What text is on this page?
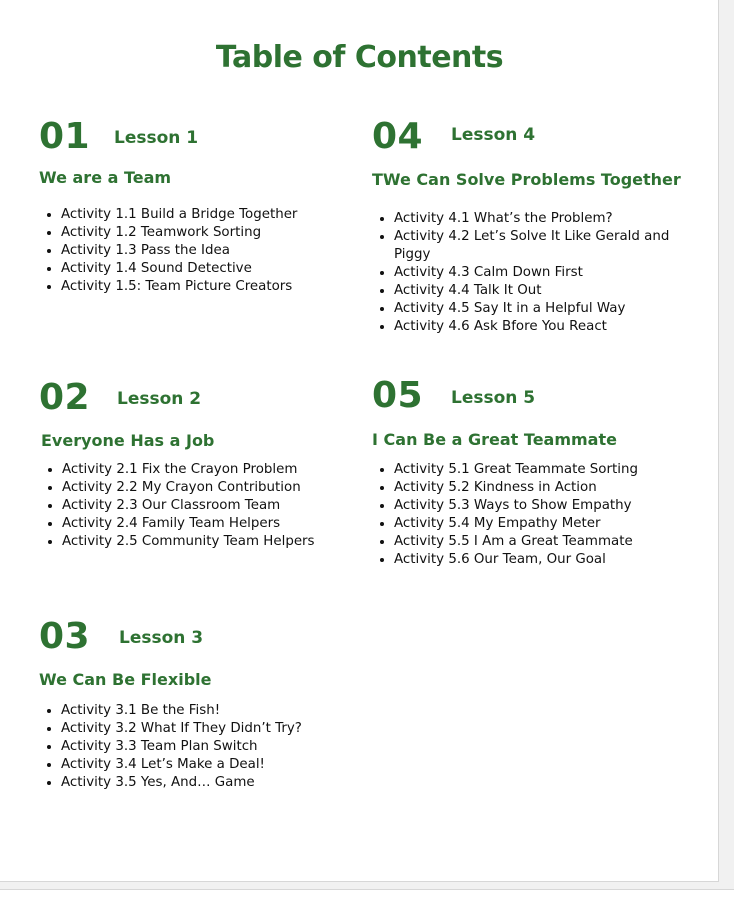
Table of Contents
01 Lesson 1
We are a Team
• Activity 1.1 Build a Bridge Together
• Activity 1.2 Teamwork Sorting
• Activity 1.3 Pass the Idea
• Activity 1.4 Sound Detective
• Activity 1.5: Team Picture Creators
02 Lesson 2
Everyone Has a Job
• Activity 2.1 Fix the Crayon Problem
• Activity 2.2 My Crayon Contribution
• Activity 2.3 Our Classroom Team
• Activity 2.4 Family Team Helpers
• Activity 2.5 Community Team Helpers
03 Lesson 3
We Can Be Flexible
• Activity 3.1 Be the Fish!
• Activity 3.2 What If They Didn’t Try?
• Activity 3.3 Team Plan Switch
• Activity 3.4 Let’s Make a Deal!
• Activity 3.5 Yes, And… Game
04 Lesson 4
TWe Can Solve Problems Together
• Activity 4.1 What’s the Problem?
• Activity 4.2 Let’s Solve It Like Gerald and Piggy
• Activity 4.3 Calm Down First
• Activity 4.4 Talk It Out
• Activity 4.5 Say It in a Helpful Way
• Activity 4.6 Ask Bfore You React
05 Lesson 5
I Can Be a Great Teammate
• Activity 5.1 Great Teammate Sorting
• Activity 5.2 Kindness in Action
• Activity 5.3 Ways to Show Empathy
• Activity 5.4 My Empathy Meter
• Activity 5.5 I Am a Great Teammate
• Activity 5.6 Our Team, Our Goal
